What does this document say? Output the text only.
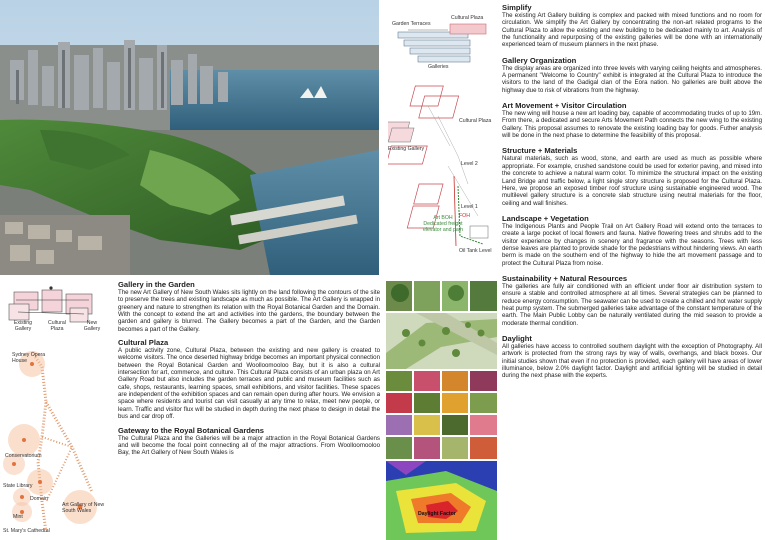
Existing Gallery
Cultural Plaza
New Gallery
Sydney Opera House
Conservatorium
State Library
Domain
Art Gallery of New South Wales
Mint
St. Mary's Cathedral
Gallery in the Garden

The new Art Gallery of New South Wales sits lightly on the land following the contours of the site to preserve the trees and existing landscape as much as possible. The Art Gallery is wrapped in greenery and nature to strengthen its relation with the Royal Botanical Garden and the Domain. With the concept to extend the art and activities into the gardens, the boundary between the garden and gallery is blurred. The Gallery becomes a part of the Garden, and the Garden becomes a part of the Gallery.

Cultural Plaza

A public activity zone, Cultural Plaza, between the existing and new gallery is created to welcome visitors. The once deserted highway bridge becomes an important physical connection between the Royal Botanical Garden and Woolloomooloo Bay, but it is also a cultural intersection for art, commerce, and culture. This Cultural Plaza consists of an urban plaza on Art Gallery Road but also includes the garden terraces and public and museum facilities such as cafe, shops, restaurants, learning spaces, small exhibitions, and visitor facilities. These spaces are independent of the exhibition spaces and can remain open during after hours. We envision a space where residents and tourist can visit casually at any time to relax, meet new people, or learn. Traffic and visitor flux will be studied in depth during the next phase to design in detail the bus and car drop off.

Gateway to the Royal Botanical Gardens

The Cultural Plaza and the Galleries will be a major attraction in the Royal Botanical Gardens and will become the focal point connecting all of the major attractions. From Woolloomooloo Bay, the Art Gallery of New South Wales is

Garden Terraces
Cultural Plaza
Galleries
Cultural Plaza
Existing Gallery
Level 2
Level 1
FOH
Art BOH
Dedicated freight
elevator and path
Oil Tank Level
Daylight Factor
Simplify

The existing Art Gallery building is complex and packed with mixed functions and no room for circulation. We simplify the Art Gallery by concentrating the non-art related programs to the Cultural Plaza to allow the existing and new building to be dedicated mainly to art. Analysis of the functionality and repurposing of the existing galleries will be done with an internationally experienced team of museum planners in the next phase.

Gallery Organization

The display areas are organized into three levels with varying ceiling heights and atmospheres. A permanent "Welcome to Country" exhibit is integrated at the Cultural Plaza to introduce the visitors to the land of the Gadigal clan of the Eora nation. No galleries are built above the highway due to risk of vibrations from the highway.

Art Movement + Visitor Circulation

The new wing will house a new art loading bay, capable of accommodating trucks of up to 19m. From there, a dedicated and secure Arts Movement Path connects the new wing to the existing Gallery. This proposal assumes to renovate the existing loading bay for goods. Futher analysis will be done in the next phase to determine the feasibility of this proposal.

Structure + Materials

Natural materials, such as wood, stone, and earth are used as much as possible where appropriate. For example, crushed sandstone could be used for exterior paving, and mixed into the concrete to achieve a natural warm color. To minimize the structural impact on the existing Land Bridge and traffic below, a light single story structure is proposed for the Cultural Plaza. Here, we propose an exposed timber roof structure using sustainable engineered wood. The multilevel gallery structure is a concrete slab structure using neutral materials for the floor, ceiling and wall finishes.

Landscape + Vegetation

The Indigenous Plants and People Trail on Art Gallery Road will extend onto the terraces to create a large pocket of local flowers and fauna. Native flowering trees and shrubs add to the visitor experience by changes in scenery and fragrance with the seasons. Trees with less dense leaves are planted to provide shade for the pedestrians without hindering views. An earth berm is made on the southern end of the highway to hide the art movement passage and to protect the Cultural Plaza from noise.

Sustainability + Natural Resources

The galleries are fully air conditioned with an efficient under floor air distribution system to ensure a stable and controlled atmosphere at all times. Several strategies can be planned to reduce energy consumption. The seawater can be used to create a chilled and hot water supply heat pump system. The submerged galleries take advantage of the constant temperature of the earth. The Main Public Lobby can be naturally ventilated during the mid season to provide a moderate thermal condition.

Daylight

All galleries have access to controlled southern daylight with the exception of Photography. All artwork is protected from the strong rays by way of walls, overhangs, and black boxes. Our initial studies shown that even if no protection is provided, each gallery will have areas of lower illuminance, below 2.0% daylight factor. Daylight and artificial lighting will be studied in detail during the next phase with the experts.
